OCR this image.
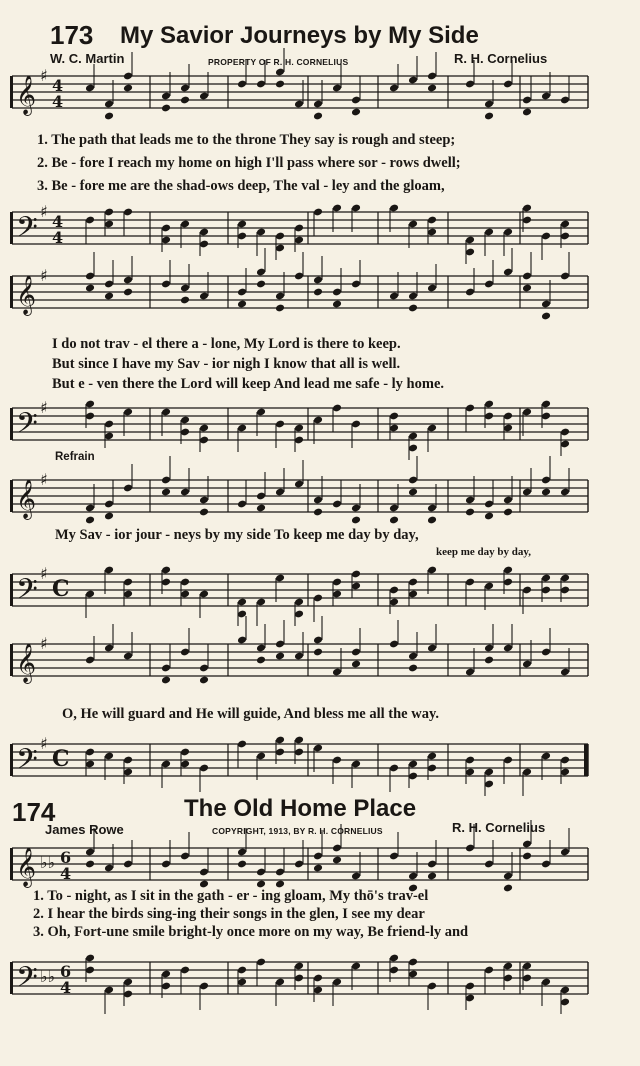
173 My Savior Journeys by My Side
W. C. Martin	PROPERTY OF R. H. CORNELIUS	R. H. Cornelius
𝄞 ♯
4
4
1. The path that leads me to the throne They say is rough and steep;
2. Be - fore I reach my home on high I'll pass where sor - rows dwell;
3. Be - fore me are the shad-ows deep, The val - ley and the gloam,
𝄢 ♯
4
4
𝄞 ♯
I do not trav - el there a - lone, My Lord is there to keep.
But since I have my Sav - ior nigh I know that all is well.
But e - ven there the Lord will keep And lead me safe - ly home.
𝄢 ♯
Refrain
𝄞 ♯
My Sav - ior jour - neys by my side To keep me day by day,
keep me day by day,
𝄢 ♯
C
𝄞 ♯
O, He will guard and He will guide, And bless me all the way.
𝄢 ♯
C
174	The Old Home Place
James Rowe	COPYRIGHT, 1913, BY R. H. CORNELIUS	R. H. Cornelius
𝄞 ♭♭ 6
4
1. To - night, as I sit in the gath - er - ing gloam, My thō's trav-el
2. I hear the birds sing-ing their songs in the glen, I see my dear
3. Oh, Fort-une smile bright-ly once more on my way, Be friend-ly and
𝄢 ♭♭ 6
4
